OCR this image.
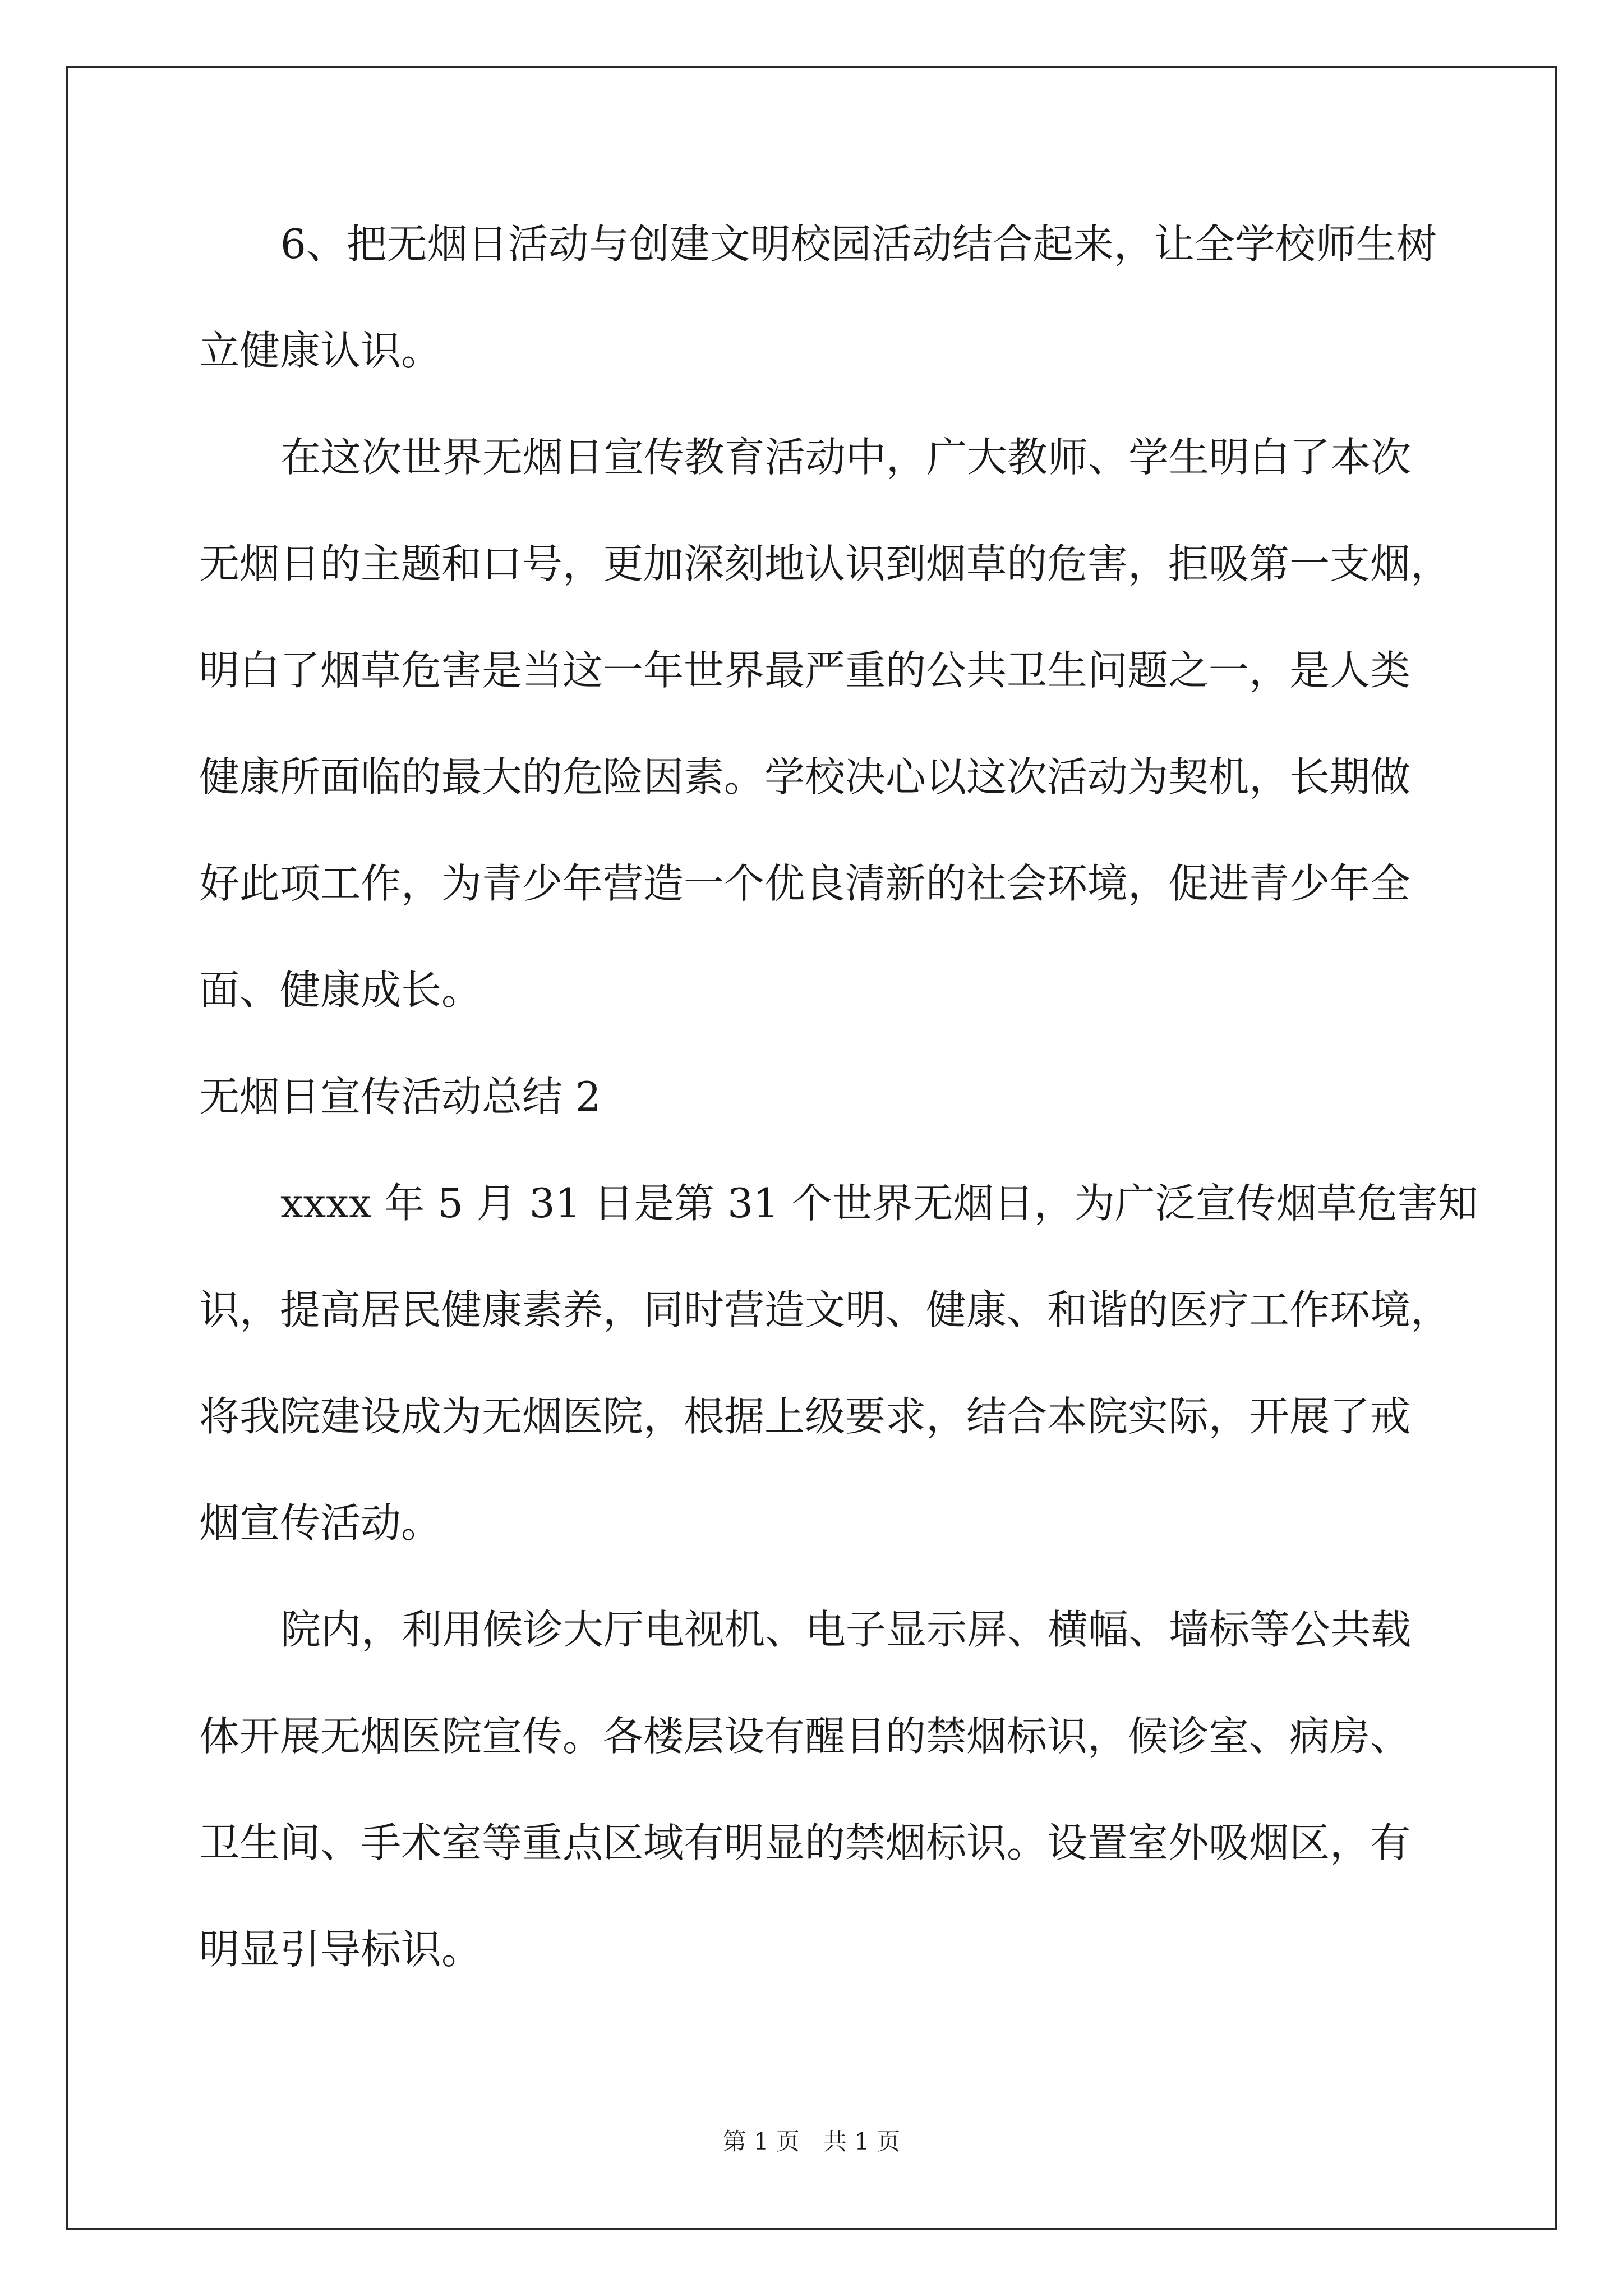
6、把无烟日活动与创建文明校园活动结合起来，让全学校师生树
立健康认识。
在这次世界无烟日宣传教育活动中，广大教师、学生明白了本次
无烟日的主题和口号，更加深刻地认识到烟草的危害，拒吸第一支烟，
明白了烟草危害是当这一年世界最严重的公共卫生问题之一，是人类
健康所面临的最大的危险因素。学校决心以这次活动为契机，长期做
好此项工作，为青少年营造一个优良清新的社会环境，促进青少年全
面、健康成长。
无烟日宣传活动总结 2
xxxx 年 5 月 31 日是第 31 个世界无烟日，为广泛宣传烟草危害知
识，提高居民健康素养，同时营造文明、健康、和谐的医疗工作环境，
将我院建设成为无烟医院，根据上级要求，结合本院实际，开展了戒
烟宣传活动。
院内，利用候诊大厅电视机、电子显示屏、横幅、墙标等公共载
体开展无烟医院宣传。各楼层设有醒目的禁烟标识，候诊室、病房、
卫生间、手术室等重点区域有明显的禁烟标识。设置室外吸烟区，有
明显引导标识。
第 1 页　共 1 页
